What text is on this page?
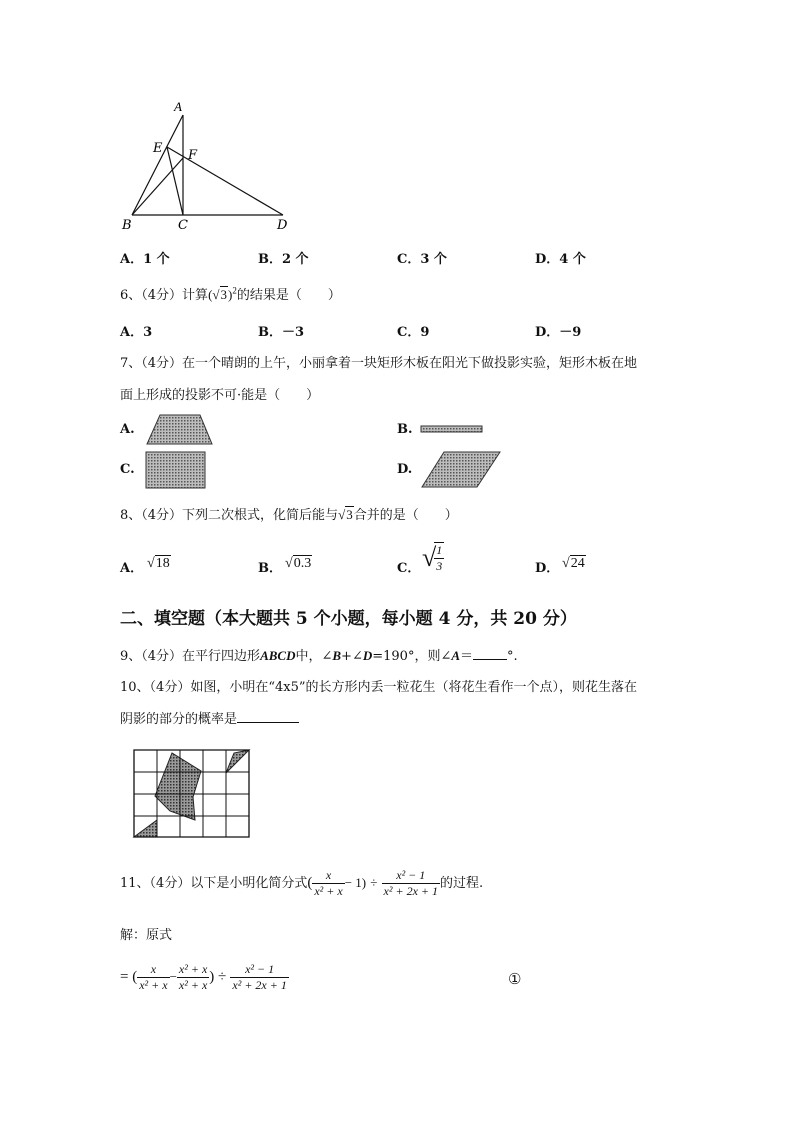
A
E F
B	C	D
A．1 个	B．2 个	C．3 个	D．4 个
6、（4分）计算$(√3)^2$的结果是（　　）
A．3	B．－3	C．9	D．－9
7、（4分）在一个晴朗的上午，小丽拿着一块矩形木板在阳光下做投影实验，矩形木板在地
面上形成的投影不可·能是（　　）
A.	B.
C.	D.
8、（4分）下列二次根式，化简后能与√3合并的是（　　）
A． √18	B． √0.3	C． √
$\frac{1}{3}$	D． √24
二、填空题（本大题共 5 个小题，每小题 4 分，共 20 分）
9、（4分）在平行四边形ABCD中，∠B+∠D=190°，则∠A＝	°.
10、（4分）如图，小明在“4x5”的长方形内丢一粒花生（将花生看作一个点），则花生落在
阴影的部分的概率是
11、（4分）以下是小明化简分式( $\frac{x}{\text{x² + x}} - 1) \div \frac{\text{x² − 1}}{\text{x² + 2x + 1}}$ 的过程.
解：原式
= ( $\frac{x}{\text{x² + x}} - \frac{\text{x² + x}}{\text{x² + x}}$ ) ÷ $\frac{\text{x² − 1}}{\text{x² + 2x + 1}}$	①
